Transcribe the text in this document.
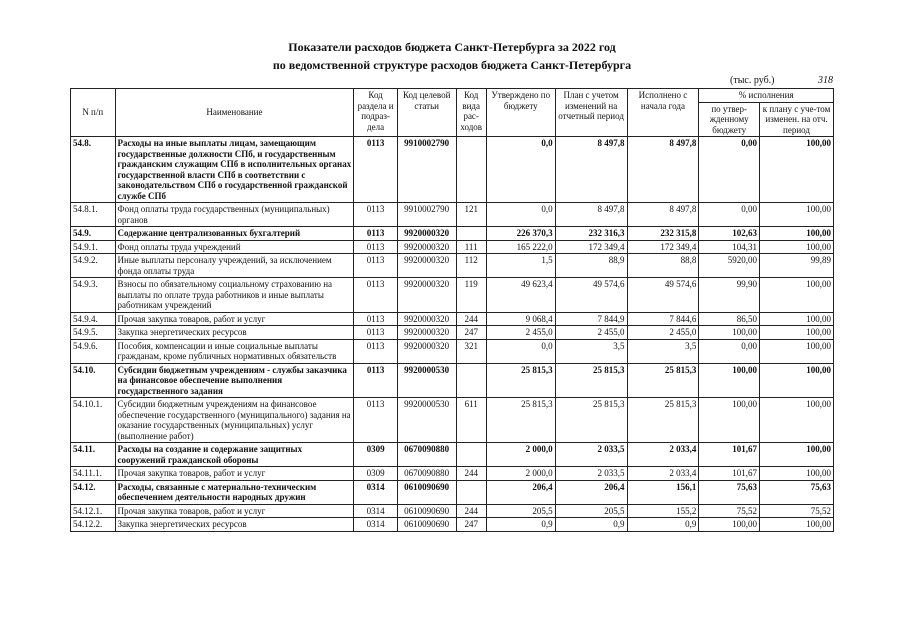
Показатели расходов бюджета Санкт-Петербурга за 2022 год
по ведомственной структуре расходов бюджета Санкт-Петербурга
(тыс. руб.)	318
N п/п	Наименование	Код раздела и подраз-дела	Код целевой статьи	Код вида рас-ходов	Утверждено по бюджету	План с учетом изменений на отчетный период	Исполнено с начала года	% исполнения	
								по утвер-жденному бюджету	к плану с уче-том изменен. на отч. период
54.8.	Расходы на иные выплаты лицам, замещающим государственные должности СПб, и государственным гражданским служащим СПб в исполнительных органах государственной власти СПб в соответствии с законодательством СПб о государственной гражданской службе СПб	0113	9910002790		0,0	8 497,8	8 497,8	0,00	100,00
54.8.1.	Фонд оплаты труда государственных (муниципальных) органов	0113	9910002790	121	0,0	8 497,8	8 497,8	0,00	100,00
54.9.	Содержание централизованных бухгалтерий	0113	9920000320		226 370,3	232 316,3	232 315,8	102,63	100,00
54.9.1.	Фонд оплаты труда учреждений	0113	9920000320	111	165 222,0	172 349,4	172 349,4	104,31	100,00
54.9.2.	Иные выплаты персоналу учреждений, за исключением фонда оплаты труда	0113	9920000320	112	1,5	88,9	88,8	5920,00	99,89
54.9.3.	Взносы по обязательному социальному страхованию на выплаты по оплате труда работников и иные выплаты работникам учреждений	0113	9920000320	119	49 623,4	49 574,6	49 574,6	99,90	100,00
54.9.4.	Прочая закупка товаров, работ и услуг	0113	9920000320	244	9 068,4	7 844,9	7 844,6	86,50	100,00
54.9.5.	Закупка энергетических ресурсов	0113	9920000320	247	2 455,0	2 455,0	2 455,0	100,00	100,00
54.9.6.	Пособия, компенсации и иные социальные выплаты гражданам, кроме публичных нормативных обязательств	0113	9920000320	321	0,0	3,5	3,5	0,00	100,00
54.10.	Субсидии бюджетным учреждениям - службы заказчика на финансовое обеспечение выполнения государственного задания	0113	9920000530		25 815,3	25 815,3	25 815,3	100,00	100,00
54.10.1.	Субсидии бюджетным учреждениям на финансовое обеспечение государственного (муниципального) задания на оказание государственных (муниципальных) услуг (выполнение работ)	0113	9920000530	611	25 815,3	25 815,3	25 815,3	100,00	100,00
54.11.	Расходы на создание и содержание защитных сооружений гражданской обороны	0309	0670090880		2 000,0	2 033,5	2 033,4	101,67	100,00
54.11.1.	Прочая закупка товаров, работ и услуг	0309	0670090880	244	2 000,0	2 033,5	2 033,4	101,67	100,00
54.12.	Расходы, связанные с материально-техническим обеспечением деятельности народных дружин	0314	0610090690		206,4	206,4	156,1	75,63	75,63
54.12.1.	Прочая закупка товаров, работ и услуг	0314	0610090690	244	205,5	205,5	155,2	75,52	75,52
54.12.2.	Закупка энергетических ресурсов	0314	0610090690	247	0,9	0,9	0,9	100,00	100,00
